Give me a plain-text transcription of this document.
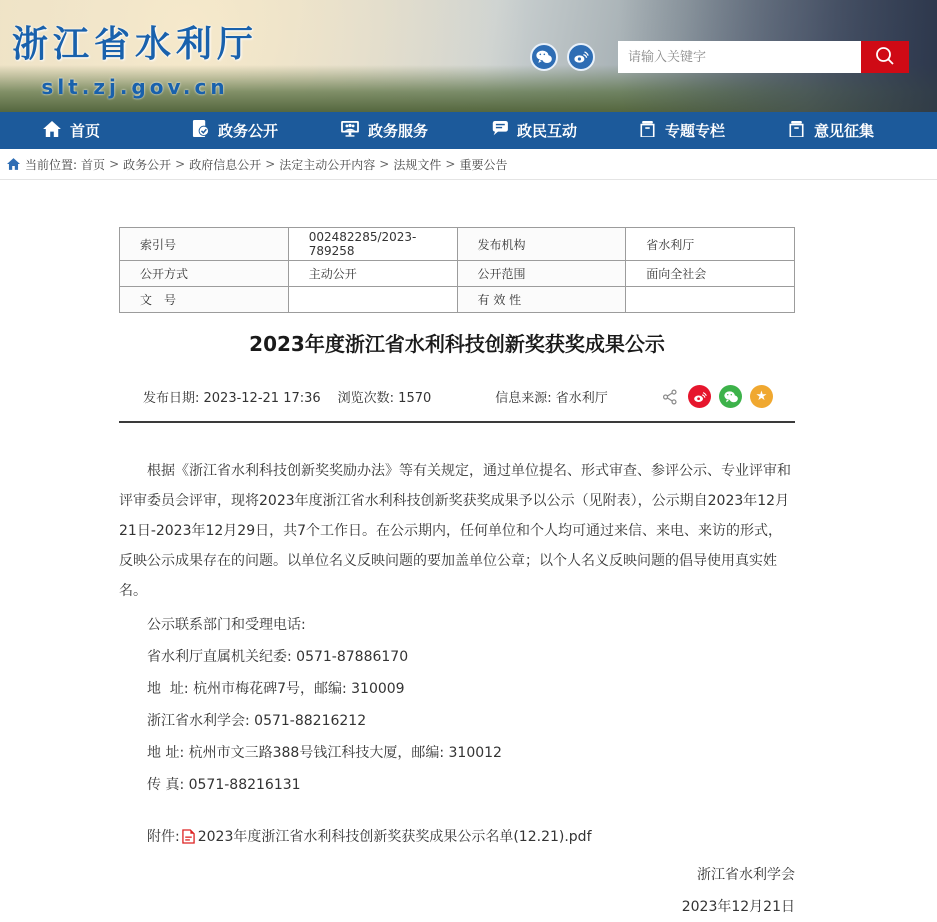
浙江省水利厅
slt.zj.gov.cn
请输入关键字
首页	政务公开	政务服务	政民互动	专题专栏	意见征集
当前位置: 首页 > 政务公开 > 政府信息公开 > 法定主动公开内容 > 法规文件 > 重要公告
索引号	002482285/2023-789258	发布机构	省水利厅
公开方式	主动公开	公开范围	面向全社会
文　号		有 效 性	
2023年度浙江省水利科技创新奖获奖成果公示
发布日期: 2023-12-21 17:36 浏览次数: 1570	信息来源: 省水利厅	★

根据《浙江省水利科技创新奖奖励办法》等有关规定，通过单位提名、形式审查、参评公示、专业评审和评审委员会评审，现将2023年度浙江省水利科技创新奖获奖成果予以公示（见附表），公示期自2023年12月21日-2023年12月29日，共7个工作日。在公示期内，任何单位和个人均可通过来信、来电、来访的形式，反映公示成果存在的问题。以单位名义反映问题的要加盖单位公章；以个人名义反映问题的倡导使用真实姓名。

公示联系部门和受理电话:

省水利厅直属机关纪委: 0571-87886170

地  址: 杭州市梅花碑7号，邮编: 310009

浙江省水利学会: 0571-88216212

地 址: 杭州市文三路388号钱江科技大厦，邮编: 310012

传 真: 0571-88216131

附件: 2023年度浙江省水利科技创新奖获奖成果公示名单(12.21).pdf
浙江省水利学会
2023年12月21日
